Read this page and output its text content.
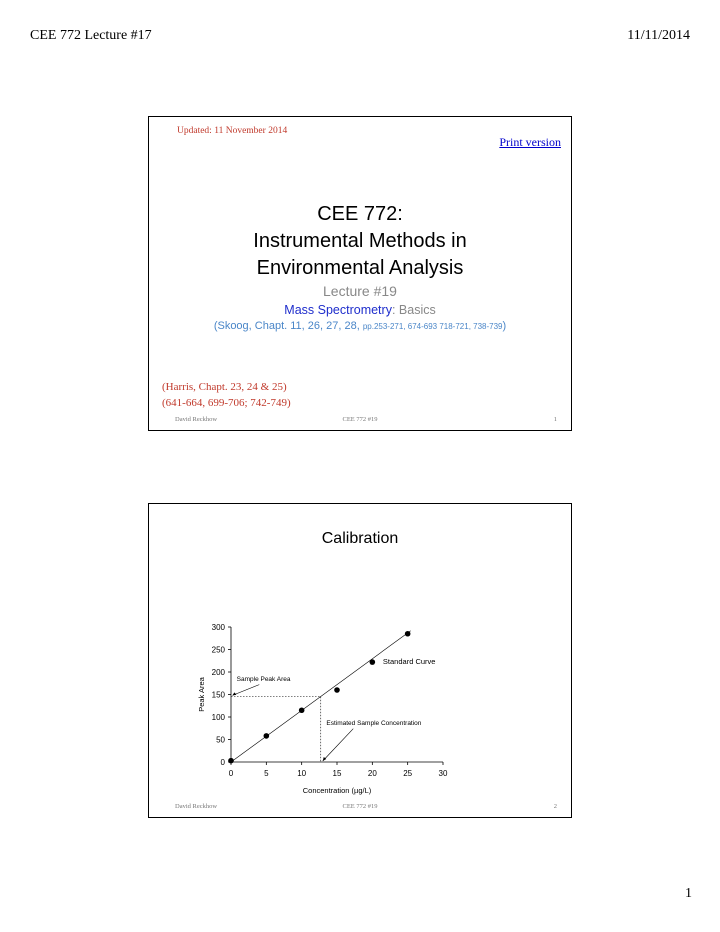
CEE 772 Lecture #17	11/11/2014
Updated: 11 November 2014
Print version
CEE 772:
Instrumental Methods in
Environmental Analysis
Lecture #19
Mass Spectrometry: Basics
(Skoog, Chapt. 11, 26, 27, 28, pp.253-271, 674-693 718-721, 738-739)
(Harris, Chapt. 23, 24 & 25)
(641-664, 699-706; 742-749)
David Reckhow	CEE 772 #19	1
Calibration
0
50
100
150
200
250
300
0	5	10	15	20	25	30
Concentration (µg/L)
Peak Area
Standard Curve
Sample Peak Area
Estimated Sample Concentration
David Reckhow	CEE 772 #19	2
1
